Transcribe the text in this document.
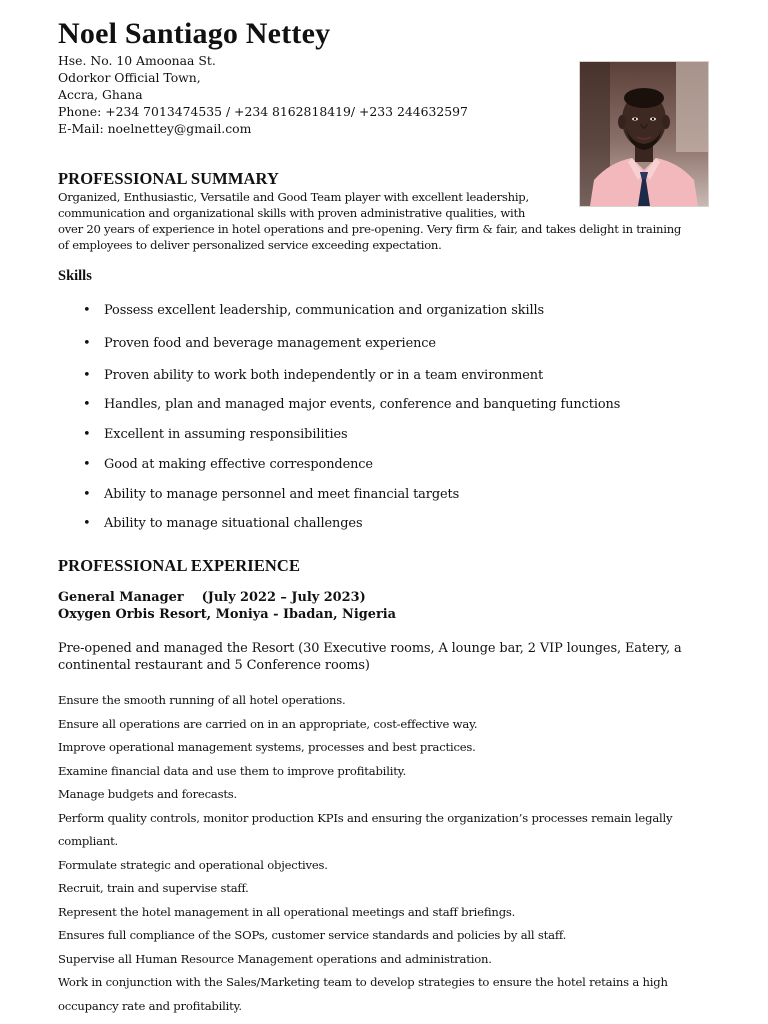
Noel Santiago Nettey
Hse. No. 10 Amoonaa St.
Odorkor Official Town,
Accra, Ghana
Phone: +234 7013474535 / +234 8162818419/ +233 244632597
E-Mail: noelnettey@gmail.com
PROFESSIONAL SUMMARY
Organized, Enthusiastic, Versatile and Good Team player with excellent leadership,
communication and organizational skills with proven administrative qualities, with
over 20 years of experience in hotel operations and pre-opening. Very firm & fair, and takes delight in training
of employees to deliver personalized service exceeding expectation.
Skills
• Possess excellent leadership, communication and organization skills
• Proven food and beverage management experience
• Proven ability to work both independently or in a team environment
• Handles, plan and managed major events, conference and banqueting functions
• Excellent in assuming responsibilities
• Good at making effective correspondence
• Ability to manage personnel and meet financial targets
• Ability to manage situational challenges
PROFESSIONAL EXPERIENCE
General Manager    (July 2022 – July 2023)
Oxygen Orbis Resort, Moniya - Ibadan, Nigeria
Pre-opened and managed the Resort (30 Executive rooms, A lounge bar, 2 VIP lounges, Eatery, a
continental restaurant and 5 Conference rooms)
Ensure the smooth running of all hotel operations.
Ensure all operations are carried on in an appropriate, cost-effective way.
Improve operational management systems, processes and best practices.
Examine financial data and use them to improve profitability.
Manage budgets and forecasts.
Perform quality controls, monitor production KPIs and ensuring the organization’s processes remain legally
compliant.
Formulate strategic and operational objectives.
Recruit, train and supervise staff.
Represent the hotel management in all operational meetings and staff briefings.
Ensures full compliance of the SOPs, customer service standards and policies by all staff.
Supervise all Human Resource Management operations and administration.
Work in conjunction with the Sales/Marketing team to develop strategies to ensure the hotel retains a high
occupancy rate and profitability.
